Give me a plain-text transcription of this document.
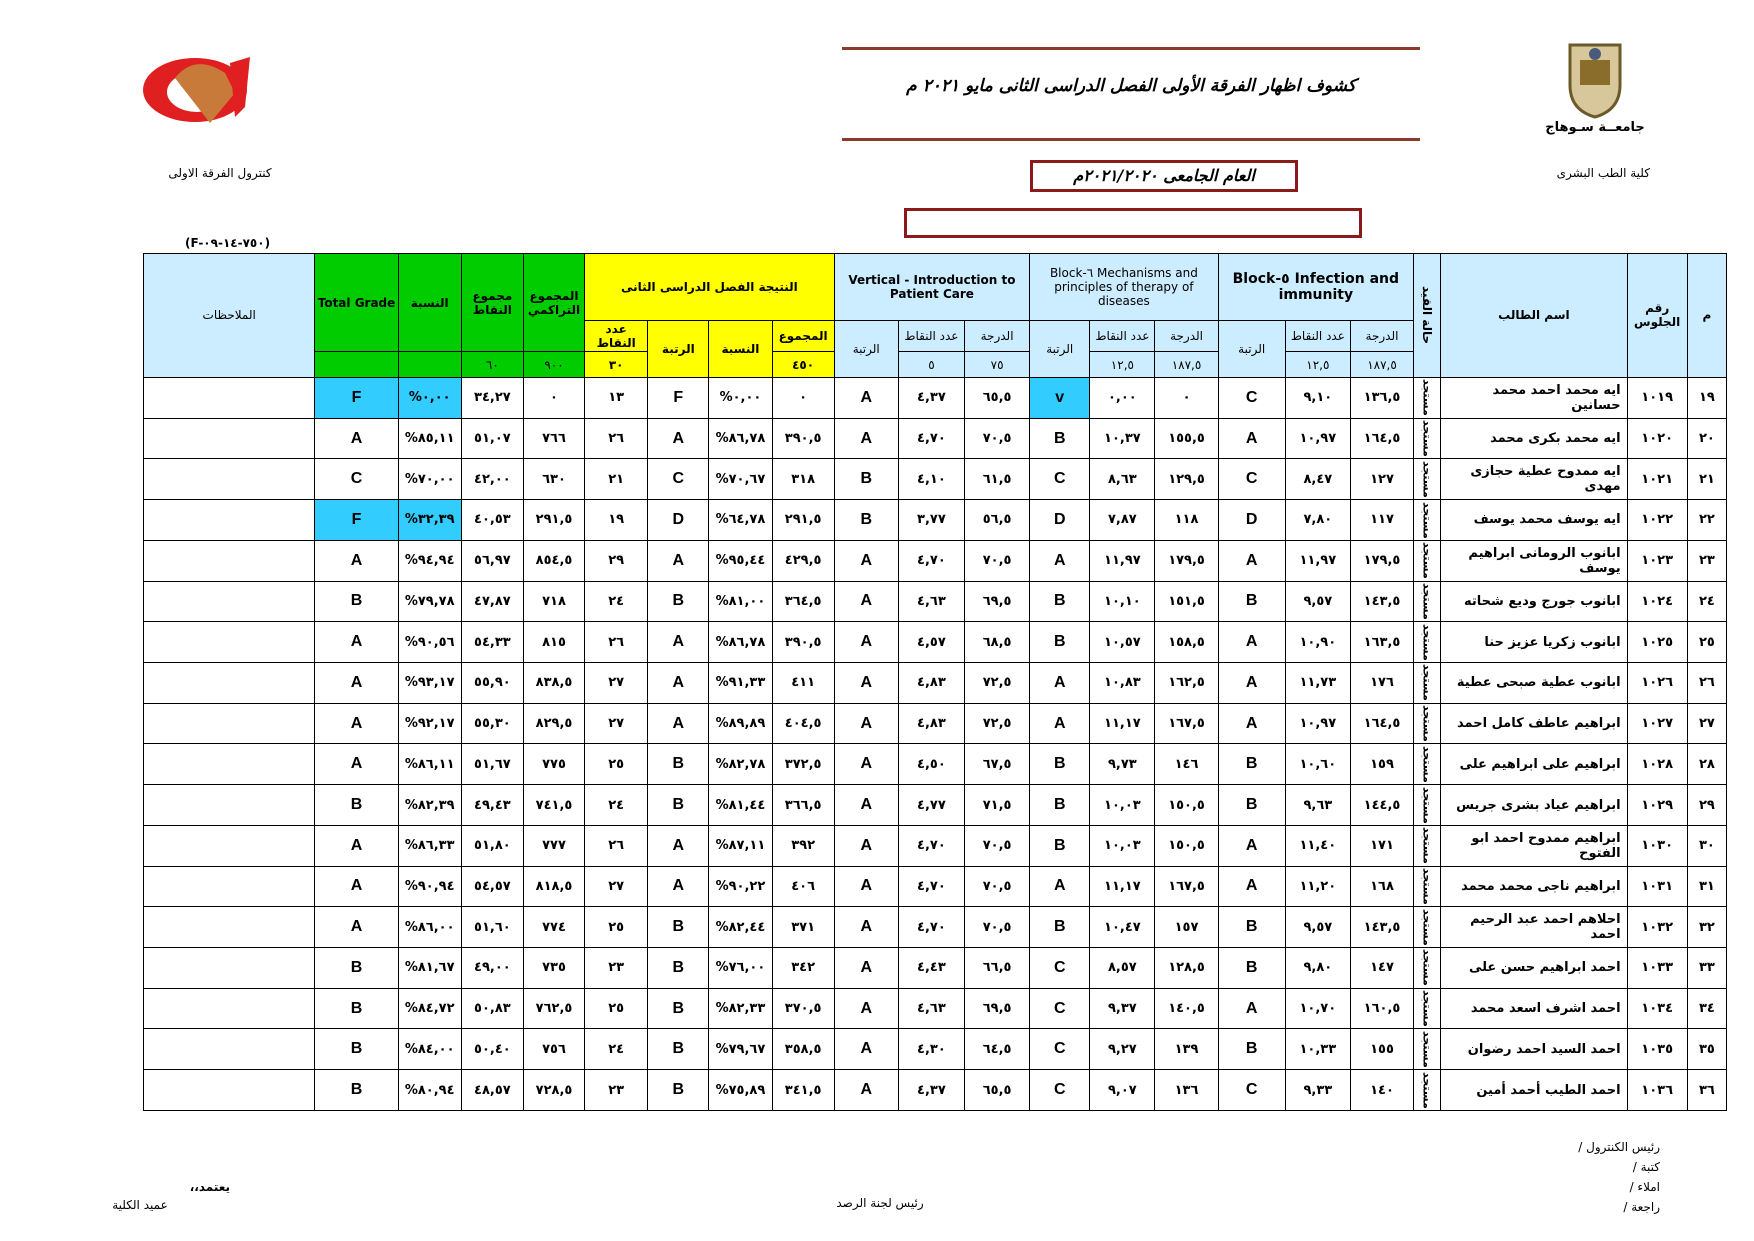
جامعــة سـوهاج
كلية الطب البشرى
كنترول الفرقة الاولى
(F-٧٥٠-١٤-٠٩)
كشوف اظهار الفرقة الأولى الفصل الدراسى الثانى مايو ٢٠٢١ م
العام الجامعى ٢٠٢١/٢٠٢٠م
الملاحظات	Total Grade	النسبة	مجموع النقاط	المجموع التراكمي	النتيجة الفصل الدراسى الثانى				Vertical - Introduction to Patient Care			Block-٦ Mechanisms and principles of therapy of diseases			Block-٥ Infection and immunity			حالة القيد	اسم الطالب	رقم الجلوس	م
					عدد النقاط	الرتبة	النسبة	المجموع	الرتبة	عدد النقاط	الدرجة	الرتبة	عدد النقاط	الدرجة	الرتبة	عدد النقاط	الدرجة				
			٦٠	٩٠٠	٣٠			٤٥٠		٥	٧٥		١٢,٥	١٨٧,٥		١٢,٥	١٨٧,٥				
	F	%٠,٠٠	٣٤,٢٧	٠	١٣	F	%٠,٠٠	٠	A	٤,٣٧	٦٥,٥	v	٠,٠٠	٠	C	٩,١٠	١٣٦,٥	مستجد	ايه محمد احمد محمد حسانين	١٠١٩	١٩
	A	%٨٥,١١	٥١,٠٧	٧٦٦	٢٦	A	%٨٦,٧٨	٣٩٠,٥	A	٤,٧٠	٧٠,٥	B	١٠,٣٧	١٥٥,٥	A	١٠,٩٧	١٦٤,٥	مستجد	ايه محمد بكرى محمد	١٠٢٠	٢٠
	C	%٧٠,٠٠	٤٢,٠٠	٦٣٠	٢١	C	%٧٠,٦٧	٣١٨	B	٤,١٠	٦١,٥	C	٨,٦٣	١٢٩,٥	C	٨,٤٧	١٢٧	مستجد	ايه ممدوح عطية حجازى مهدى	١٠٢١	٢١
	F	%٣٢,٣٩	٤٠,٥٣	٢٩١,٥	١٩	D	%٦٤,٧٨	٢٩١,٥	B	٣,٧٧	٥٦,٥	D	٧,٨٧	١١٨	D	٧,٨٠	١١٧	مستجد	ايه يوسف محمد يوسف	١٠٢٢	٢٢
	A	%٩٤,٩٤	٥٦,٩٧	٨٥٤,٥	٢٩	A	%٩٥,٤٤	٤٢٩,٥	A	٤,٧٠	٧٠,٥	A	١١,٩٧	١٧٩,٥	A	١١,٩٧	١٧٩,٥	مستجد	ابانوب الرومانى ابراهيم يوسف	١٠٢٣	٢٣
	B	%٧٩,٧٨	٤٧,٨٧	٧١٨	٢٤	B	%٨١,٠٠	٣٦٤,٥	A	٤,٦٣	٦٩,٥	B	١٠,١٠	١٥١,٥	B	٩,٥٧	١٤٣,٥	مستجد	ابانوب جورج وديع شحاته	١٠٢٤	٢٤
	A	%٩٠,٥٦	٥٤,٣٣	٨١٥	٢٦	A	%٨٦,٧٨	٣٩٠,٥	A	٤,٥٧	٦٨,٥	B	١٠,٥٧	١٥٨,٥	A	١٠,٩٠	١٦٣,٥	مستجد	ابانوب زكريا عزيز حنا	١٠٢٥	٢٥
	A	%٩٣,١٧	٥٥,٩٠	٨٣٨,٥	٢٧	A	%٩١,٣٣	٤١١	A	٤,٨٣	٧٢,٥	A	١٠,٨٣	١٦٢,٥	A	١١,٧٣	١٧٦	مستجد	ابانوب عطية صبحى عطية	١٠٢٦	٢٦
	A	%٩٢,١٧	٥٥,٣٠	٨٢٩,٥	٢٧	A	%٨٩,٨٩	٤٠٤,٥	A	٤,٨٣	٧٢,٥	A	١١,١٧	١٦٧,٥	A	١٠,٩٧	١٦٤,٥	مستجد	ابراهيم عاطف كامل احمد	١٠٢٧	٢٧
	A	%٨٦,١١	٥١,٦٧	٧٧٥	٢٥	B	%٨٢,٧٨	٣٧٢,٥	A	٤,٥٠	٦٧,٥	B	٩,٧٣	١٤٦	B	١٠,٦٠	١٥٩	مستجد	ابراهيم على ابراهيم على	١٠٢٨	٢٨
	B	%٨٢,٣٩	٤٩,٤٣	٧٤١,٥	٢٤	B	%٨١,٤٤	٣٦٦,٥	A	٤,٧٧	٧١,٥	B	١٠,٠٣	١٥٠,٥	B	٩,٦٣	١٤٤,٥	مستجد	ابراهيم عياد بشرى جريس	١٠٢٩	٢٩
	A	%٨٦,٣٣	٥١,٨٠	٧٧٧	٢٦	A	%٨٧,١١	٣٩٢	A	٤,٧٠	٧٠,٥	B	١٠,٠٣	١٥٠,٥	A	١١,٤٠	١٧١	مستجد	ابراهيم ممدوح احمد ابو الفتوح	١٠٣٠	٣٠
	A	%٩٠,٩٤	٥٤,٥٧	٨١٨,٥	٢٧	A	%٩٠,٢٢	٤٠٦	A	٤,٧٠	٧٠,٥	A	١١,١٧	١٦٧,٥	A	١١,٢٠	١٦٨	مستجد	ابراهيم ناجى محمد محمد	١٠٣١	٣١
	A	%٨٦,٠٠	٥١,٦٠	٧٧٤	٢٥	B	%٨٢,٤٤	٣٧١	A	٤,٧٠	٧٠,٥	B	١٠,٤٧	١٥٧	B	٩,٥٧	١٤٣,٥	مستجد	احلاهم احمد عبد الرحيم احمد	١٠٣٢	٣٢
	B	%٨١,٦٧	٤٩,٠٠	٧٣٥	٢٣	B	%٧٦,٠٠	٣٤٢	A	٤,٤٣	٦٦,٥	C	٨,٥٧	١٢٨,٥	B	٩,٨٠	١٤٧	مستجد	احمد ابراهيم حسن على	١٠٣٣	٣٣
	B	%٨٤,٧٢	٥٠,٨٣	٧٦٢,٥	٢٥	B	%٨٢,٣٣	٣٧٠,٥	A	٤,٦٣	٦٩,٥	C	٩,٣٧	١٤٠,٥	A	١٠,٧٠	١٦٠,٥	مستجد	احمد اشرف اسعد محمد	١٠٣٤	٣٤
	B	%٨٤,٠٠	٥٠,٤٠	٧٥٦	٢٤	B	%٧٩,٦٧	٣٥٨,٥	A	٤,٣٠	٦٤,٥	C	٩,٢٧	١٣٩	B	١٠,٣٣	١٥٥	مستجد	احمد السيد احمد رضوان	١٠٣٥	٣٥
	B	%٨٠,٩٤	٤٨,٥٧	٧٢٨,٥	٢٣	B	%٧٥,٨٩	٣٤١,٥	A	٤,٣٧	٦٥,٥	C	٩,٠٧	١٣٦	C	٩,٣٣	١٤٠	مستجد	احمد الطيب أحمد أمين	١٠٣٦	٣٦
رئيس الكنترول /
كتبة /
املاء /
راجعة /
رئيس لجنة الرصد
يعتمد،،
عميد الكلية
